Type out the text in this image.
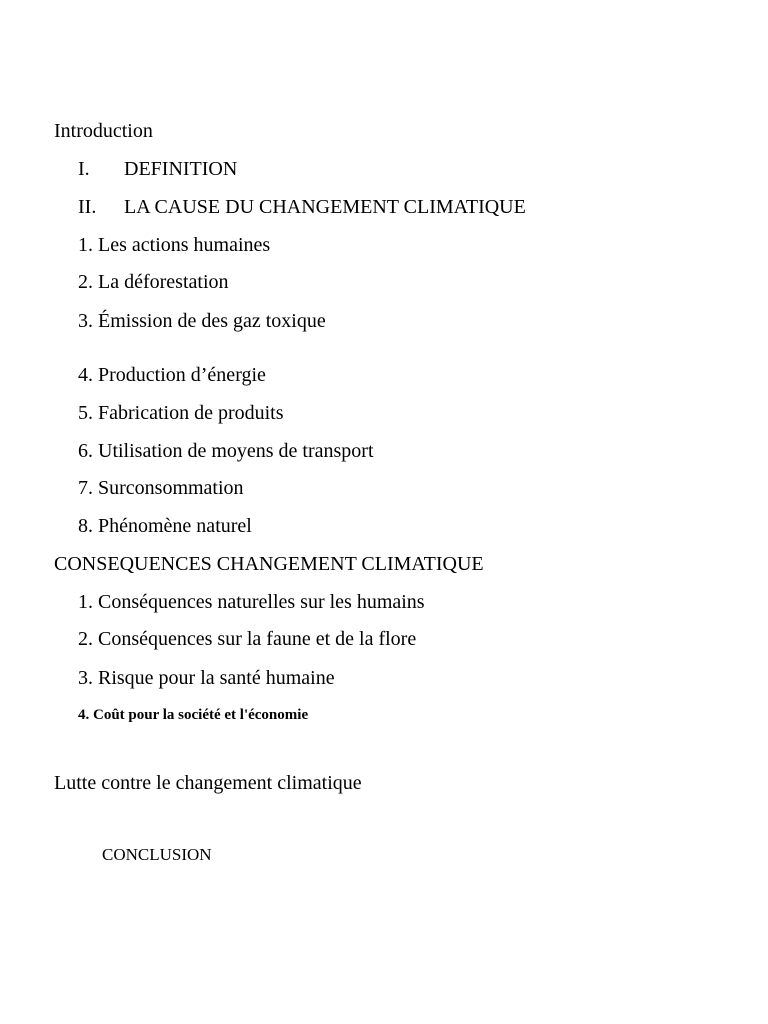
Introduction

I. DEFINITION

II. LA CAUSE DU CHANGEMENT CLIMATIQUE

1. Les actions humaines

2. La déforestation

3. Émission de des gaz toxique

4. Production d’énergie

5. Fabrication de produits

6. Utilisation de moyens de transport

7. Surconsommation

8. Phénomène naturel

CONSEQUENCES CHANGEMENT CLIMATIQUE

1. Conséquences naturelles sur les humains

2. Conséquences sur la faune et de la flore

3. Risque pour la santé humaine

4. Coût pour la société et l'économie

Lutte contre le changement climatique

CONCLUSION
